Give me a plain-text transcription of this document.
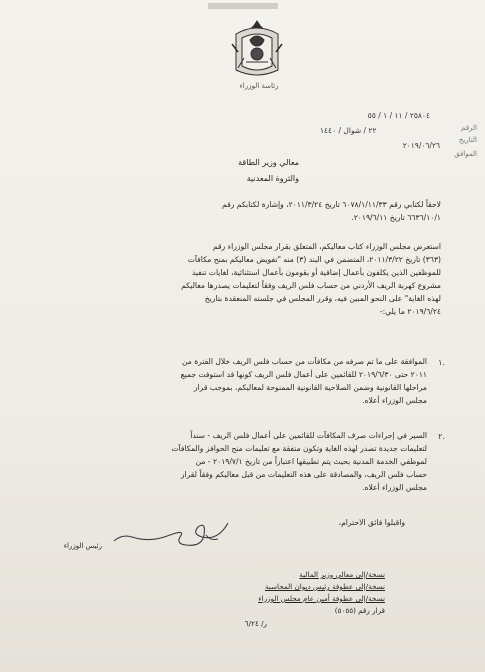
رئاسة الوزراء
الرقم
٢٥٨٠٤ / ١١ / ١ / ٥٥
التاريخ
٢٢ / شوال / ١٤٤٠
الموافق
٢٠١٩/٠٦/٢٦
معالي وزير الطاقة
والثروة المعدنية
لاحقاً لكتابي رقم ٦٠٧٨/١/١١/٣٣ تاريخ ٢٠١١/٣/٢٤، وإشارة لكتابكم رقم
٦٦٣٦/١٠/١ تاريخ ٢٠١٩/٦/١١.
استعرض مجلس الوزراء كتاب معاليكم، المتعلق بقرار مجلس الوزراء رقم
(٣٦٣) تاريخ ٢٠١١/٣/٢٢، المتضمن في البند (٣) منه "تفويض معاليكم بمنح مكافآت
للموظفين الذين يكلفون بأعمال إضافية أو يقومون بأعمال استثنائية، لغايات تنفيذ
مشروع كهربة الريف الأردني من حساب فلس الريف وفقاً لتعليمات يصدرها معاليكم
لهذه الغاية" على النحو المبين فيه، وقرر المجلس في جلسته المنعقدة بتاريخ
٢٠١٩/٦/٢٤ ما يلي:-
١.
الموافقة على ما تم صرفه من مكافآت من حساب فلس الريف خلال الفترة من
٢٠١١ حتى ٢٠١٩/٦/٣٠ للقائمين على أعمال فلس الريف كونها قد استوفت جميع
مراحلها القانونية وضمن الصلاحية القانونية الممنوحة لمعاليكم، بموجب قرار
مجلس الوزراء أعلاه.
٢.
السير في إجراءات صرف المكافآت للقائمين على أعمال فلس الريف - سنداً
لتعليمات جديدة تصدر لهذه الغاية وتكون متفقة مع تعليمات منح الحوافز والمكافآت
لموظفي الخدمة المدنية بحيث يتم تطبيقها اعتباراً من تاريخ ٢٠١٩/٧/١ - من
حساب فلس الريف، والمصادقة على هذه التعليمات من قبل معاليكم وفقاً لقرار
مجلس الوزراء أعلاه.
واقبلوا فائق الاحترام،
رئيس الوزراء
نسخة/إلى معالي وزير المالية
نسخة/إلى عطوفة رئيس ديوان المحاسبة
نسخة/إلى عطوفة أمين عام مجلس الوزراء
قرار رقم (٥٠٥٥)
ر/ ٦/٢٤
